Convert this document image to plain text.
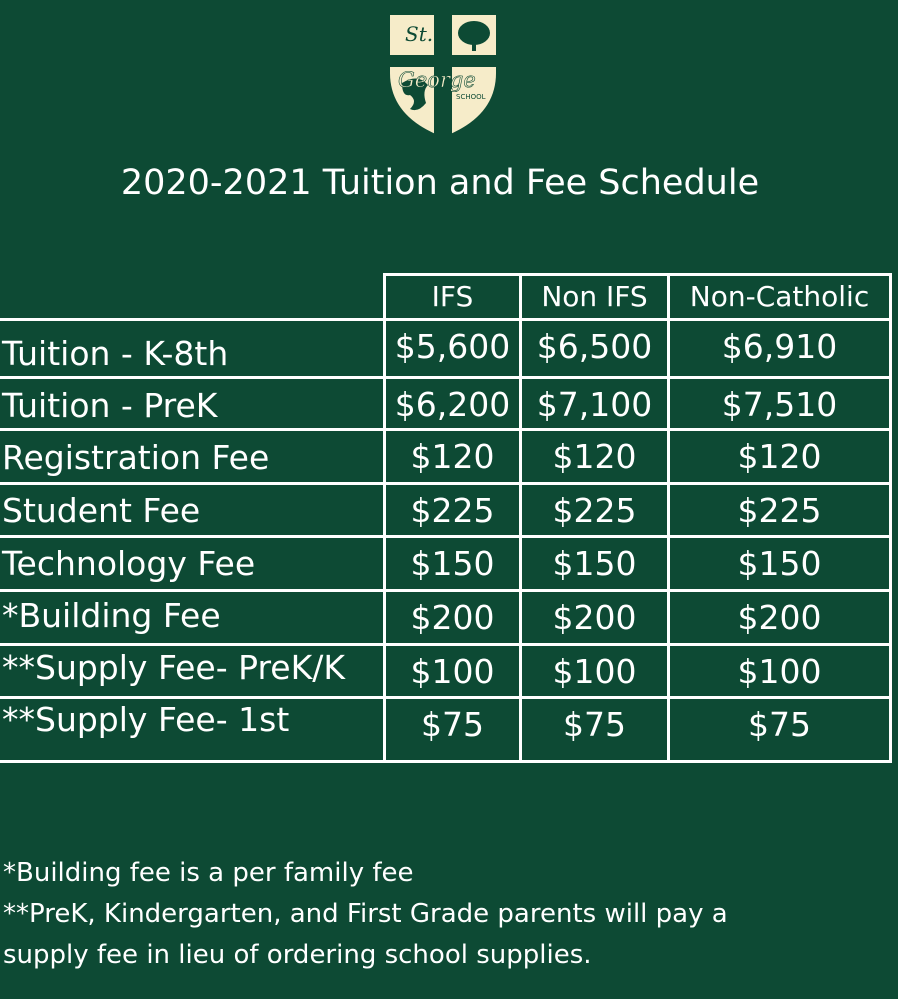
St.
George
SCHOOL
2020-2021 Tuition and Fee Schedule
IFS	Non IFS	Non-Catholic
Tuition - K-8th	$5,600 $6,500	$6,910
Tuition - PreK	$6,200 $7,100	$7,510
Registration Fee	$120	$120	$120
Student Fee	$225	$225	$225
Technology Fee	$150	$150	$150
*Building Fee	$200	$200	$200
**Supply Fee- PreK/K	$100	$100	$100
**Supply Fee- 1st	$75	$75	$75

*Building fee is a per family fee

**PreK, Kindergarten, and First Grade parents will pay a

supply fee in lieu of ordering school supplies.
